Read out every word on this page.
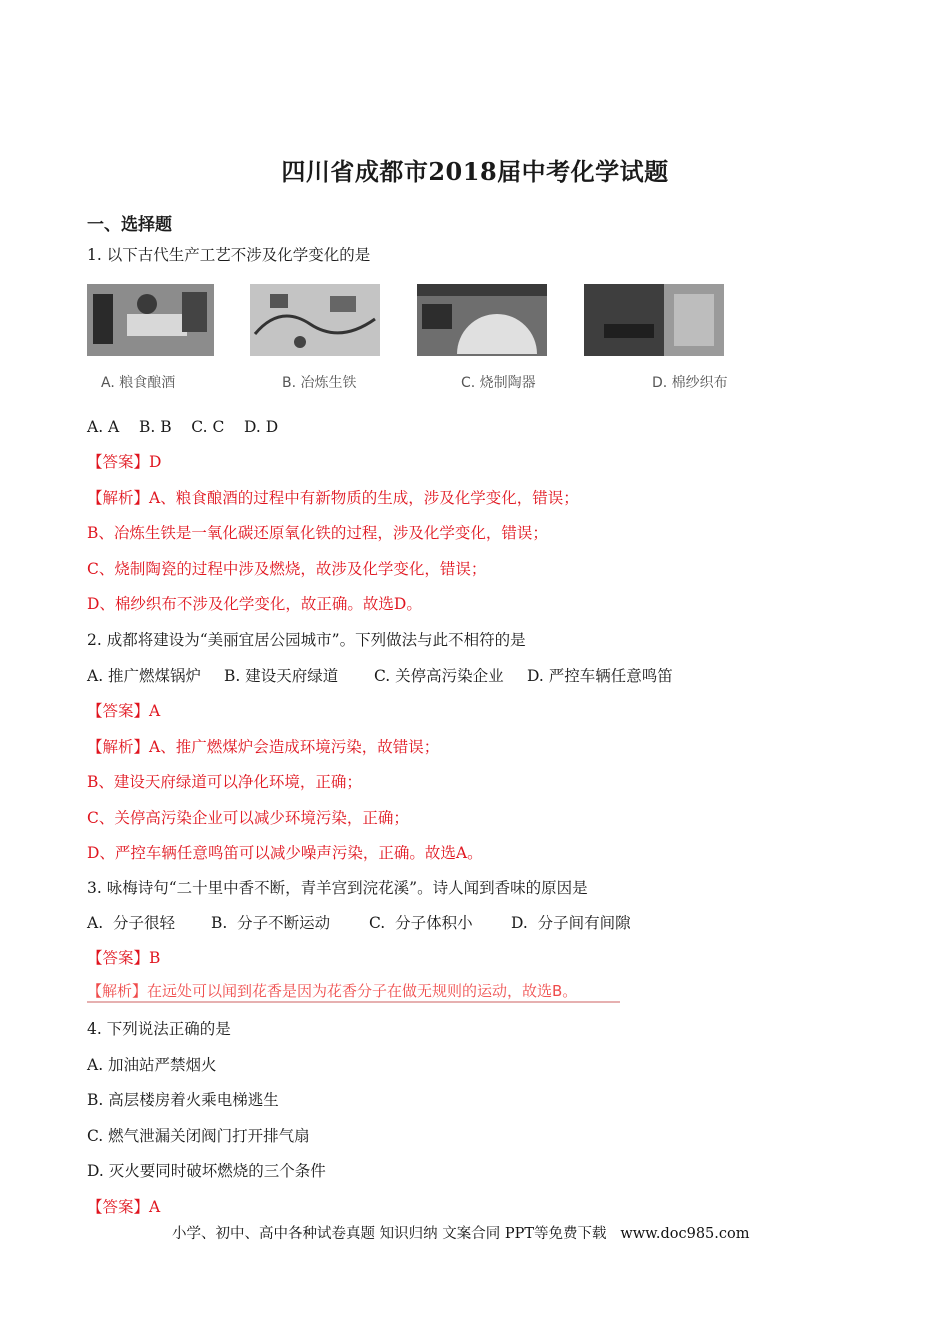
四川省成都市2018届中考化学试题
一、选择题
1. 以下古代生产工艺不涉及化学变化的是
A. 粮食酿酒	B. 冶炼生铁	C. 烧制陶器	D. 棉纱织布
A. A    B. B    C. C    D. D
【答案】D
【解析】A、粮食酿酒的过程中有新物质的生成，涉及化学变化，错误；
B、冶炼生铁是一氧化碳还原氧化铁的过程，涉及化学变化，错误；
C、烧制陶瓷的过程中涉及燃烧，故涉及化学变化，错误；
D、棉纱织布不涉及化学变化，故正确。故选D。
2. 成都将建设为“美丽宜居公园城市”。下列做法与此不相符的是
A. 推广燃煤锅炉 B. 建设天府绿道 C. 关停高污染企业 D. 严控车辆任意鸣笛
【答案】A
【解析】A、推广燃煤炉会造成环境污染，故错误；
B、建设天府绿道可以净化环境，正确；
C、关停高污染企业可以减少环境污染，正确；
D、严控车辆任意鸣笛可以减少噪声污染，正确。故选A。
3. 咏梅诗句“二十里中香不断，青羊宫到浣花溪”。诗人闻到香味的原因是
A.  分子很轻 B.  分子不断运动	C.  分子体积小 D.  分子间有间隙
【答案】B
【解析】在远处可以闻到花香是因为花香分子在做无规则的运动，故选B。
4. 下列说法正确的是
A. 加油站严禁烟火
B. 高层楼房着火乘电梯逃生
C. 燃气泄漏关闭阀门打开排气扇
D. 灭火要同时破坏燃烧的三个条件
【答案】A
小学、初中、高中各种试卷真题 知识归纳 文案合同 PPT等免费下载   www.doc985.com
